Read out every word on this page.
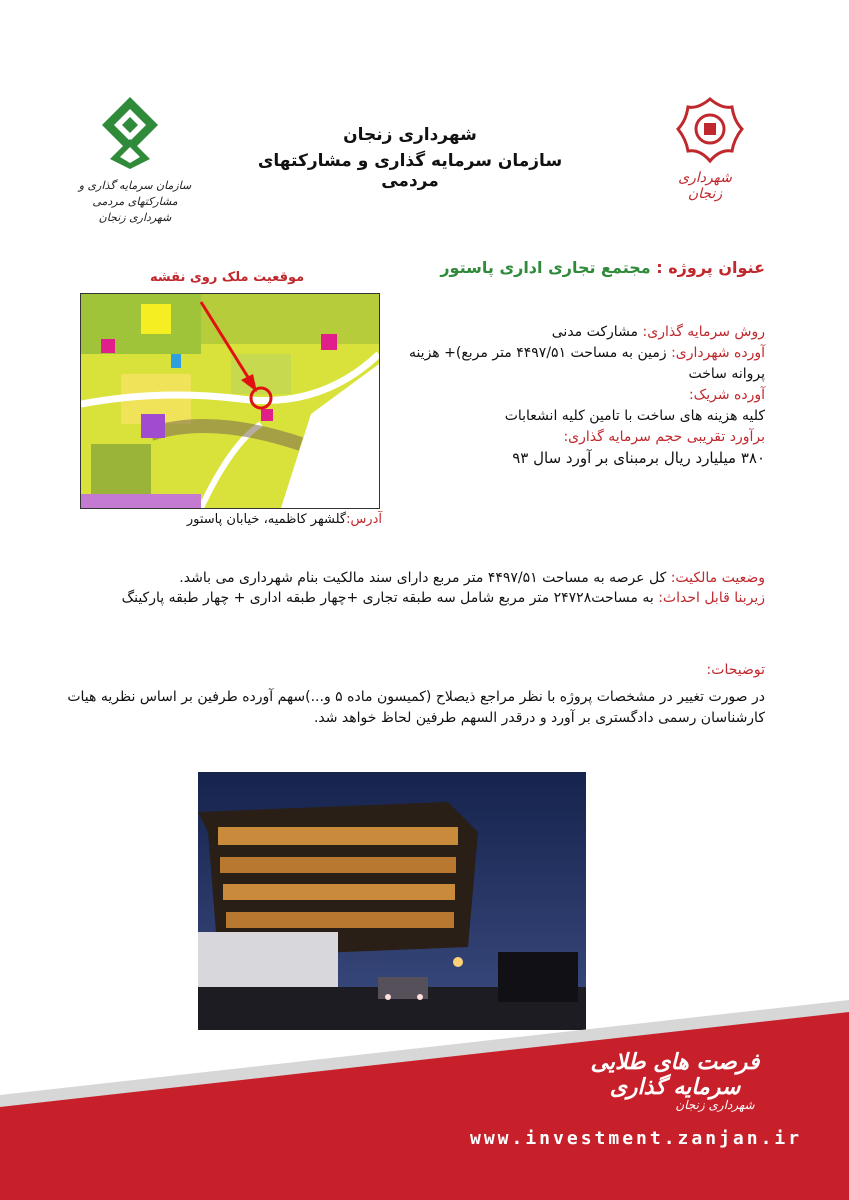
سازمان سرمایه گذاری و مشارکتهای مردمی
شهرداری زنجان
شهرداری زنجان
سازمان سرمایه گذاری و مشارکتهای مردمی	شهرداری زنجان
عنوان پروژه : مجتمع تجاری اداری پاستور
موقعیت ملک روی نقشه
آدرس:گلشهر کاظمیه، خیابان پاستور

روش سرمایه گذاری: مشارکت مدنی

آورده شهرداری: زمین به مساحت ۴۴۹۷/۵۱ متر مربع)+ هزینه پروانه ساخت

آورده شریک:

کلیه هزینه های ساخت با تامین کلیه انشعابات

برآورد تقریبی حجم سرمایه گذاری:

۳۸۰ میلیارد ریال برمبنای بر آورد سال ۹۳

وضعیت مالکیت: کل عرصه به مساحت ۴۴۹۷/۵۱ متر مربع دارای سند مالکیت بنام شهرداری می باشد.

زیربنا قابل احداث: به مساحت۲۴۷۲۸ متر مربع شامل سه طبقه تجاری +چهار طبقه اداری + چهار طبقه پارکینگ

توضیحات:

در صورت تغییر در مشخصات پروژه با نظر مراجع ذیصلاح (کمیسون ماده ۵ و...)سهم آورده طرفین بر اساس نظریه هیات کارشناسان رسمی دادگستری بر آورد و درقدر السهم طرفین لحاظ خواهد شد.

فرصت های طلایی سرمایه گذاری
شهرداری زنجان
www.investment.zanjan.ir
